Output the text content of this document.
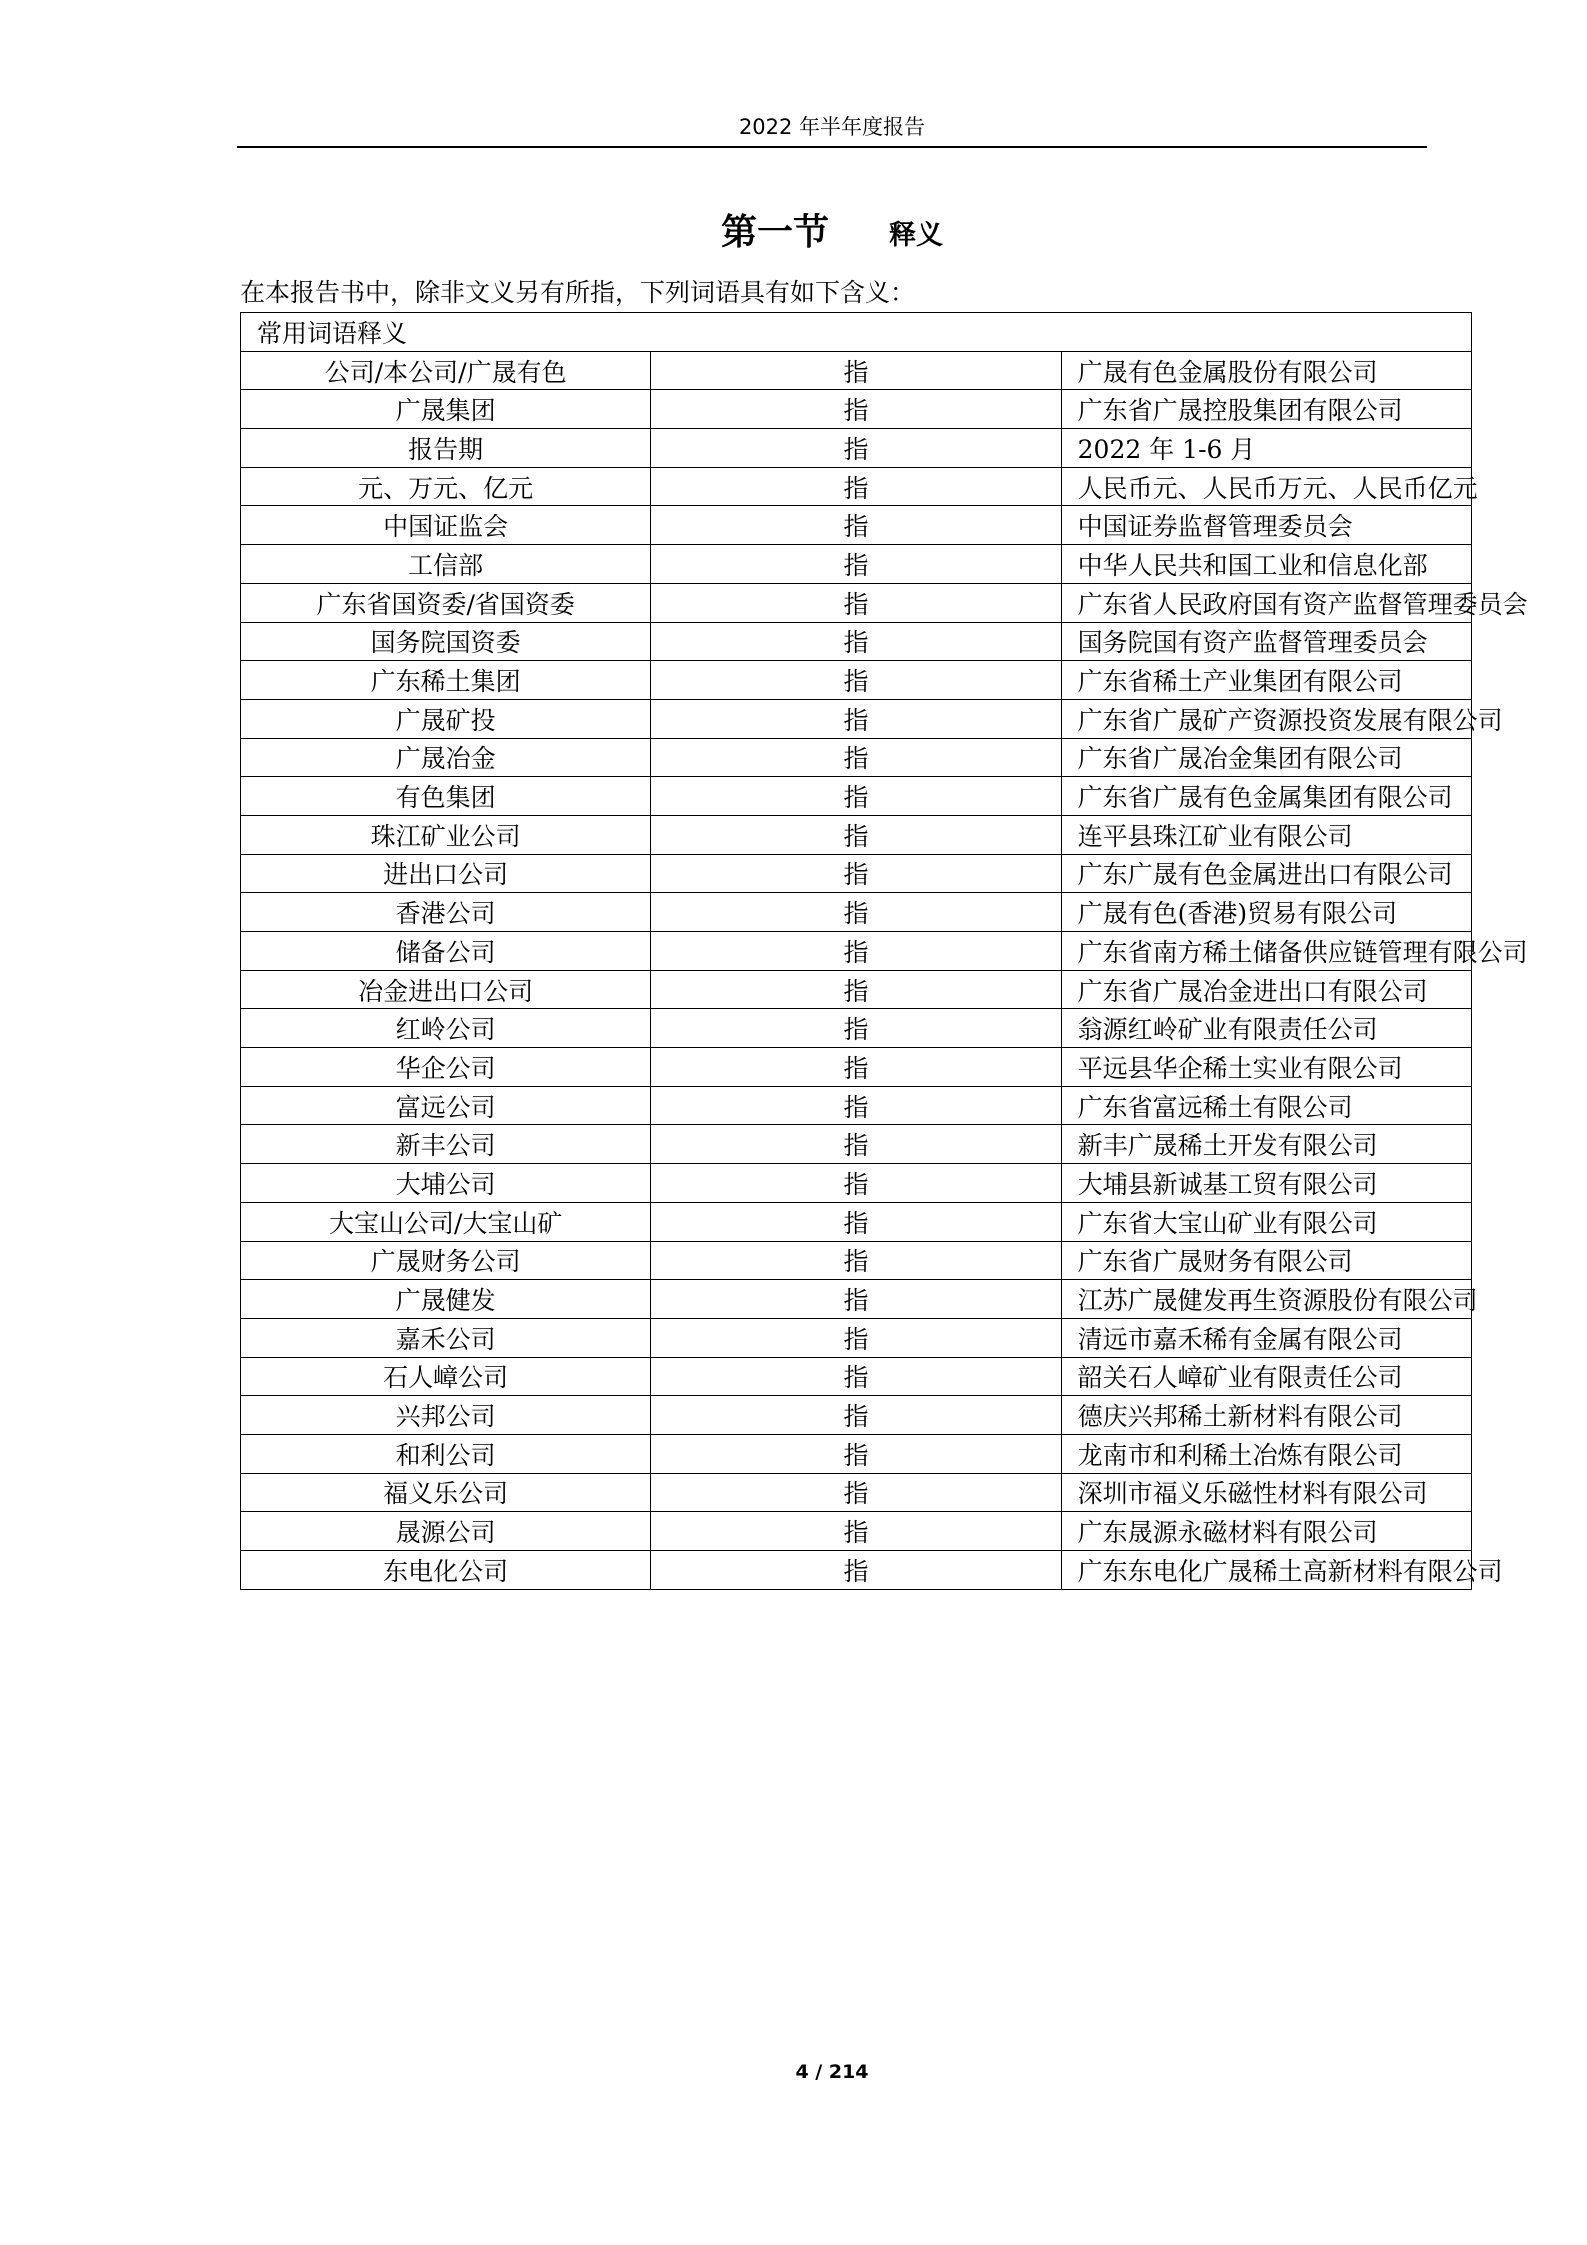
2022 年半年度报告
第一节 释义
在本报告书中，除非文义另有所指，下列词语具有如下含义：
常用词语释义		
公司/本公司/广晟有色	指	广晟有色金属股份有限公司
广晟集团	指	广东省广晟控股集团有限公司
报告期	指	2022 年 1-6 月
元、万元、亿元	指	人民币元、人民币万元、人民币亿元
中国证监会	指	中国证券监督管理委员会
工信部	指	中华人民共和国工业和信息化部
广东省国资委/省国资委	指	广东省人民政府国有资产监督管理委员会
国务院国资委	指	国务院国有资产监督管理委员会
广东稀土集团	指	广东省稀土产业集团有限公司
广晟矿投	指	广东省广晟矿产资源投资发展有限公司
广晟冶金	指	广东省广晟冶金集团有限公司
有色集团	指	广东省广晟有色金属集团有限公司
珠江矿业公司	指	连平县珠江矿业有限公司
进出口公司	指	广东广晟有色金属进出口有限公司
香港公司	指	广晟有色(香港)贸易有限公司
储备公司	指	广东省南方稀土储备供应链管理有限公司
冶金进出口公司	指	广东省广晟冶金进出口有限公司
红岭公司	指	翁源红岭矿业有限责任公司
华企公司	指	平远县华企稀土实业有限公司
富远公司	指	广东省富远稀土有限公司
新丰公司	指	新丰广晟稀土开发有限公司
大埔公司	指	大埔县新诚基工贸有限公司
大宝山公司/大宝山矿	指	广东省大宝山矿业有限公司
广晟财务公司	指	广东省广晟财务有限公司
广晟健发	指	江苏广晟健发再生资源股份有限公司
嘉禾公司	指	清远市嘉禾稀有金属有限公司
石人嶂公司	指	韶关石人嶂矿业有限责任公司
兴邦公司	指	德庆兴邦稀土新材料有限公司
和利公司	指	龙南市和利稀土冶炼有限公司
福义乐公司	指	深圳市福义乐磁性材料有限公司
晟源公司	指	广东晟源永磁材料有限公司
东电化公司	指	广东东电化广晟稀土高新材料有限公司
4 / 214
